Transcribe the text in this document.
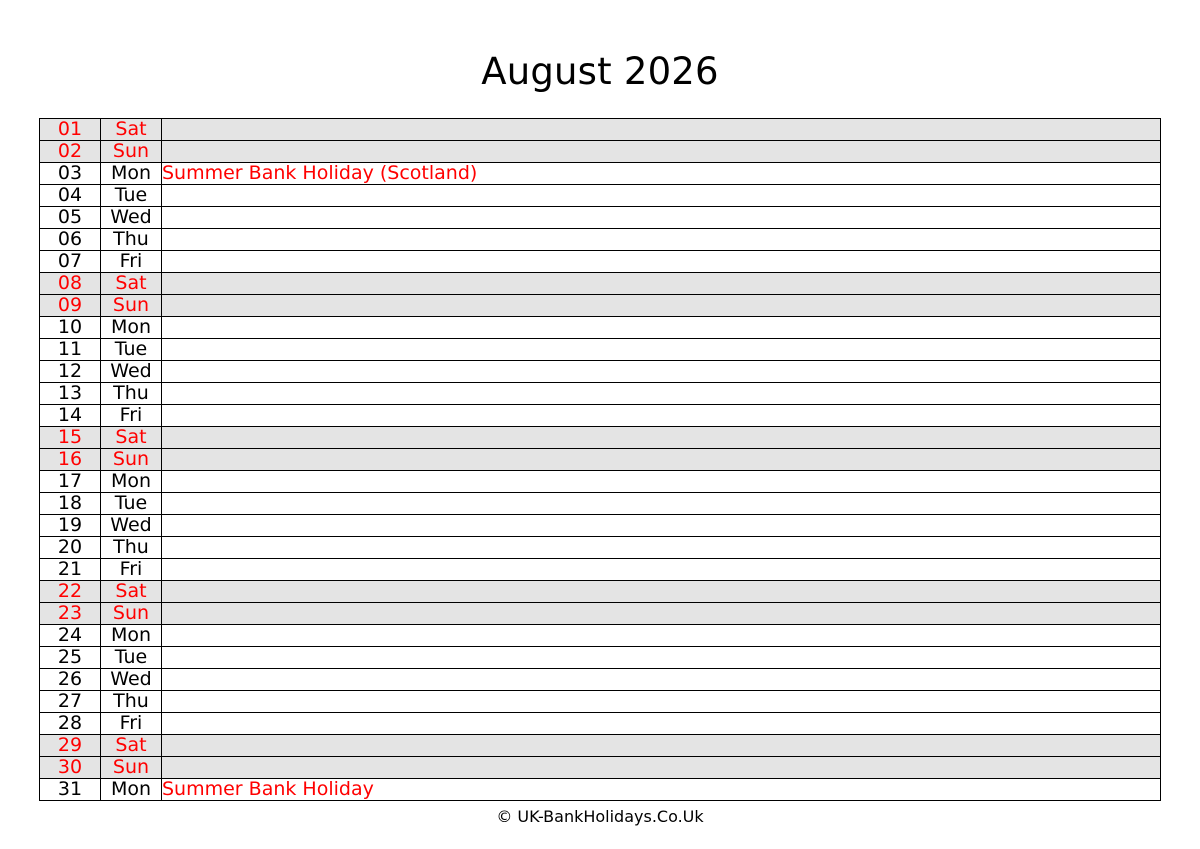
August 2026
01	Sat	
02	Sun	
03	Mon	Summer Bank Holiday (Scotland)
04	Tue	
05	Wed	
06	Thu	
07	Fri	
08	Sat	
09	Sun	
10	Mon	
11	Tue	
12	Wed	
13	Thu	
14	Fri	
15	Sat	
16	Sun	
17	Mon	
18	Tue	
19	Wed	
20	Thu	
21	Fri	
22	Sat	
23	Sun	
24	Mon	
25	Tue	
26	Wed	
27	Thu	
28	Fri	
29	Sat	
30	Sun	
31	Mon	Summer Bank Holiday
© UK-BankHolidays.Co.Uk
